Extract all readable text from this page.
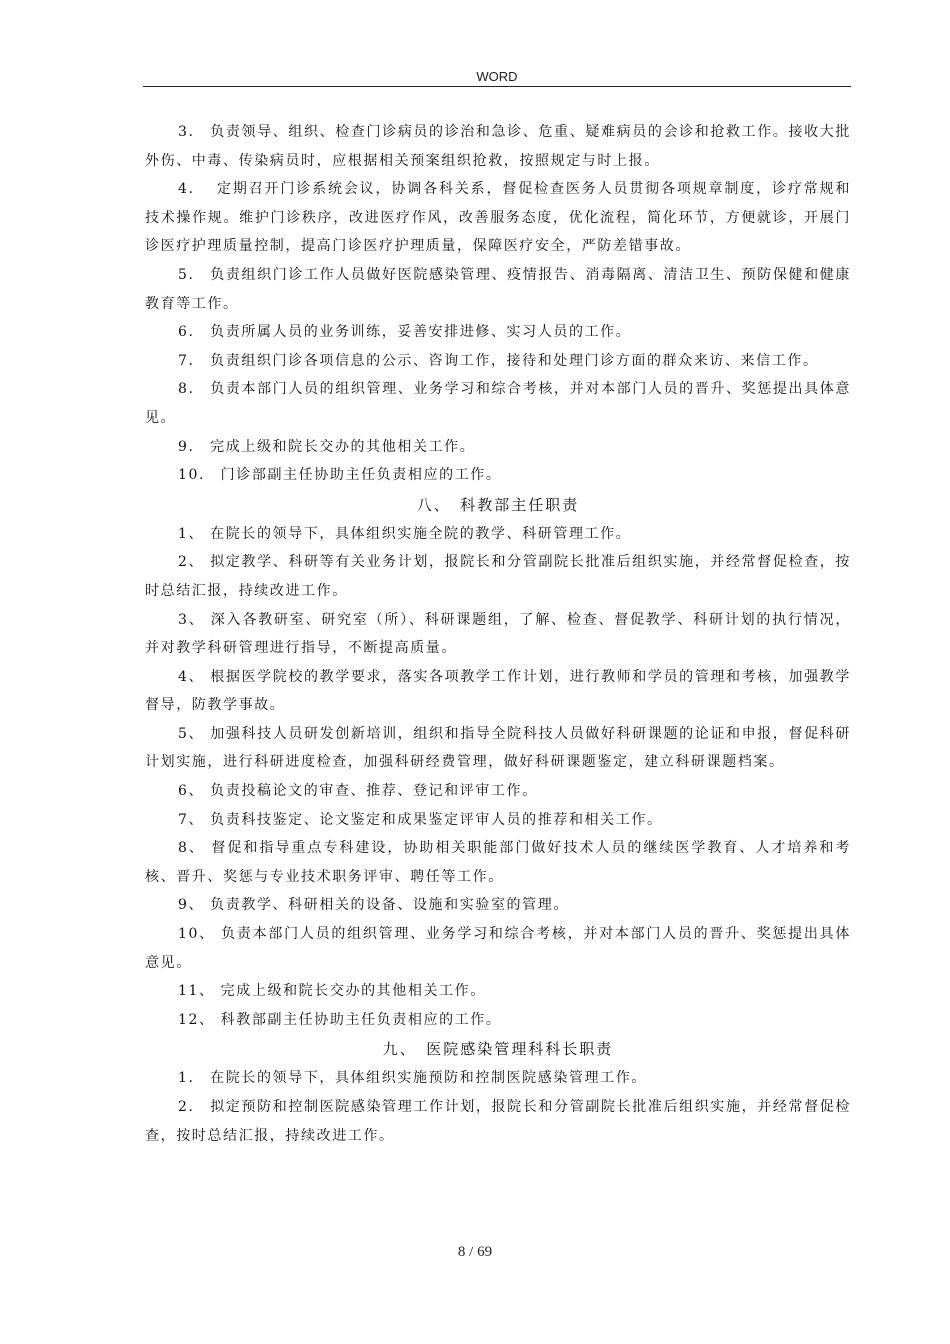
WORD

3.　负责领导、组织、检查门诊病员的诊治和急诊、危重、疑难病员的会诊和抢救工作。接收大批外伤、中毒、传染病员时，应根据相关预案组织抢救，按照规定与时上报。

4.　 定期召开门诊系统会议，协调各科关系，督促检查医务人员贯彻各项规章制度，诊疗常规和技术操作规。维护门诊秩序，改进医疗作风，改善服务态度，优化流程，简化环节，方便就诊，开展门诊医疗护理质量控制，提高门诊医疗护理质量，保障医疗安全，严防差错事故。

5.　负责组织门诊工作人员做好医院感染管理、疫情报告、消毒隔离、清洁卫生、预防保健和健康教育等工作。

6.　负责所属人员的业务训练，妥善安排进修、实习人员的工作。

7.　负责组织门诊各项信息的公示、咨询工作，接待和处理门诊方面的群众来访、来信工作。

8.　负责本部门人员的组织管理、业务学习和综合考核，并对本部门人员的晋升、奖惩提出具体意见。

9.　完成上级和院长交办的其他相关工作。

10.　门诊部副主任协助主任负责相应的工作。

八、　科教部主任职责

1、 在院长的领导下，具体组织实施全院的教学、科研管理工作。

2、 拟定教学、科研等有关业务计划，报院长和分管副院长批准后组织实施，并经常督促检查，按时总结汇报，持续改进工作。

3、 深入各教研室、研究室（所）、科研课题组，了解、检查、督促教学、科研计划的执行情况，并对教学科研管理进行指导，不断提高质量。

4、 根据医学院校的教学要求，落实各项教学工作计划，进行教师和学员的管理和考核，加强教学督导，防教学事故。

5、 加强科技人员研发创新培训，组织和指导全院科技人员做好科研课题的论证和申报，督促科研计划实施，进行科研进度检查，加强科研经费管理，做好科研课题鉴定，建立科研课题档案。

6、 负责投稿论文的审查、推荐、登记和评审工作。

7、 负责科技鉴定、论文鉴定和成果鉴定评审人员的推荐和相关工作。

8、 督促和指导重点专科建设，协助相关职能部门做好技术人员的继续医学教育、人才培养和考核、晋升、奖惩与专业技术职务评审、聘任等工作。

9、 负责教学、科研相关的设备、设施和实验室的管理。

10、 负责本部门人员的组织管理、业务学习和综合考核，并对本部门人员的晋升、奖惩提出具体意见。

11、 完成上级和院长交办的其他相关工作。

12、 科教部副主任协助主任负责相应的工作。

九、　医院感染管理科科长职责

1.　在院长的领导下，具体组织实施预防和控制医院感染管理工作。

2.　拟定预防和控制医院感染管理工作计划，报院长和分管副院长批准后组织实施，并经常督促检查，按时总结汇报，持续改进工作。

8 / 69
